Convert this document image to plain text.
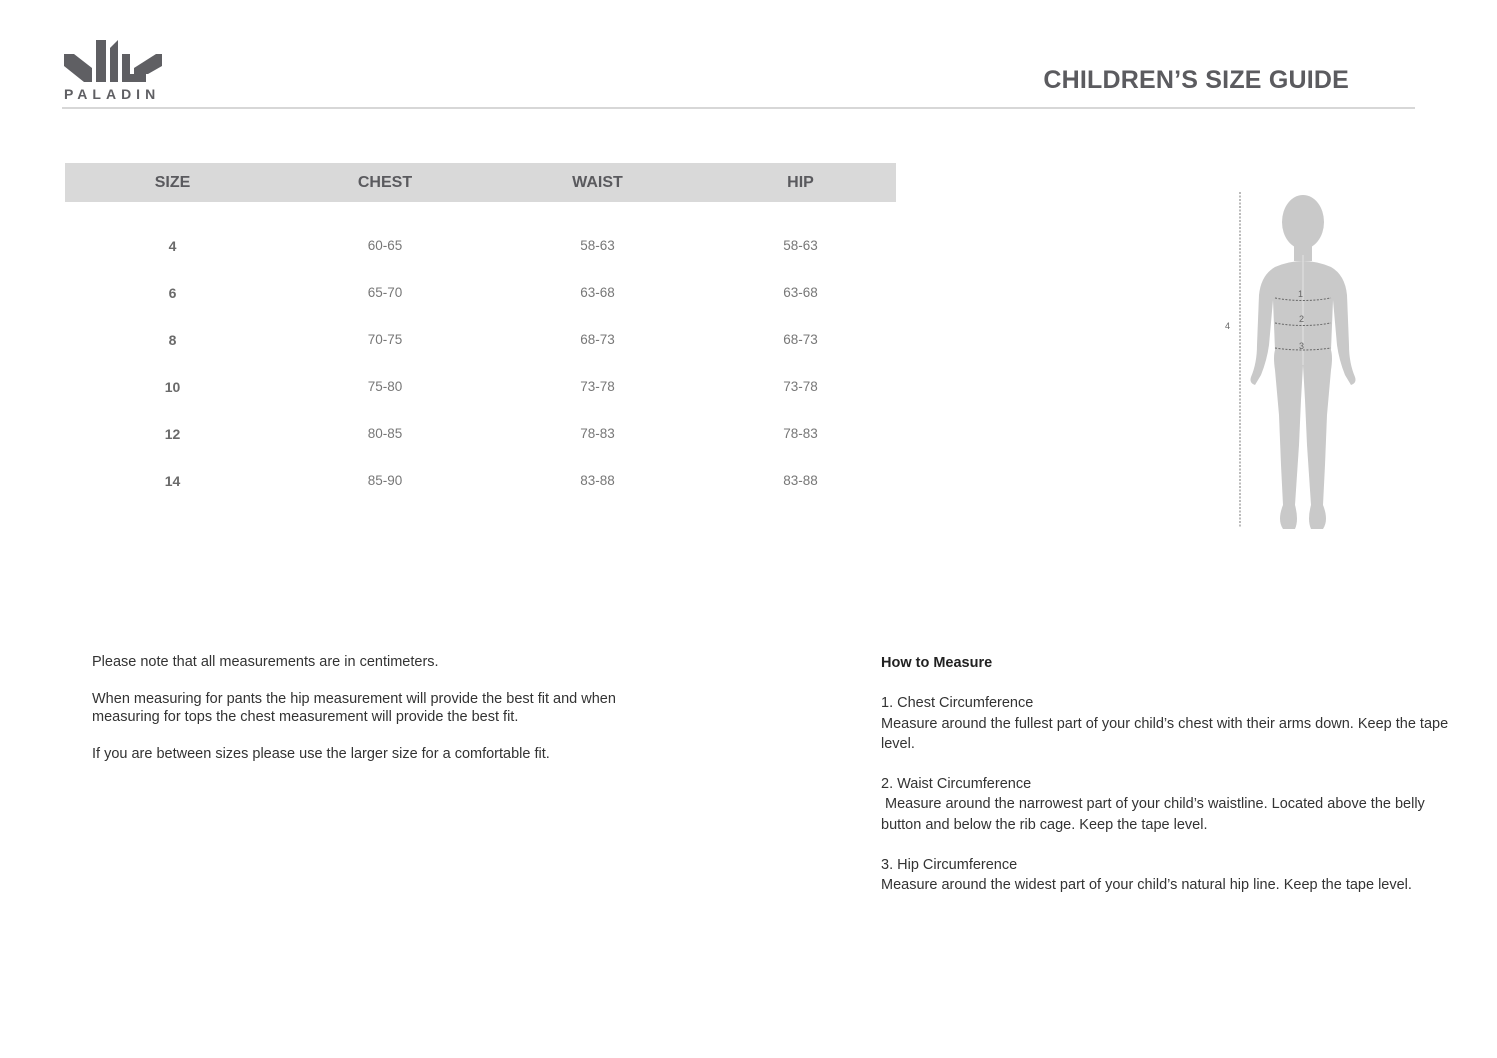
PALADIN	CHILDREN’S SIZE GUIDE
SIZE	CHEST	WAIST	HIP

4	60-65	58-63	58-63
6	65-70	63-68	63-68
8	70-75	68-73	68-73
10	75-80	73-78	73-78
12	80-85	78-83	78-83
14	85-90	83-88	83-88
1
2
3
4

Please note that all measurements are in centimeters.

When measuring for pants the hip measurement will provide the best fit and when measuring for tops the chest measurement will provide the best fit.

If you are between sizes please use the larger size for a comfortable fit.

How to Measure
1. Chest Circumference
Measure around the fullest part of your child’s chest with their arms down. Keep the tape level.
2. Waist Circumference
Measure around the narrowest part of your child’s waistline. Located above the belly button and below the rib cage. Keep the tape level.
3. Hip Circumference
Measure around the widest part of your child’s natural hip line. Keep the tape level.
